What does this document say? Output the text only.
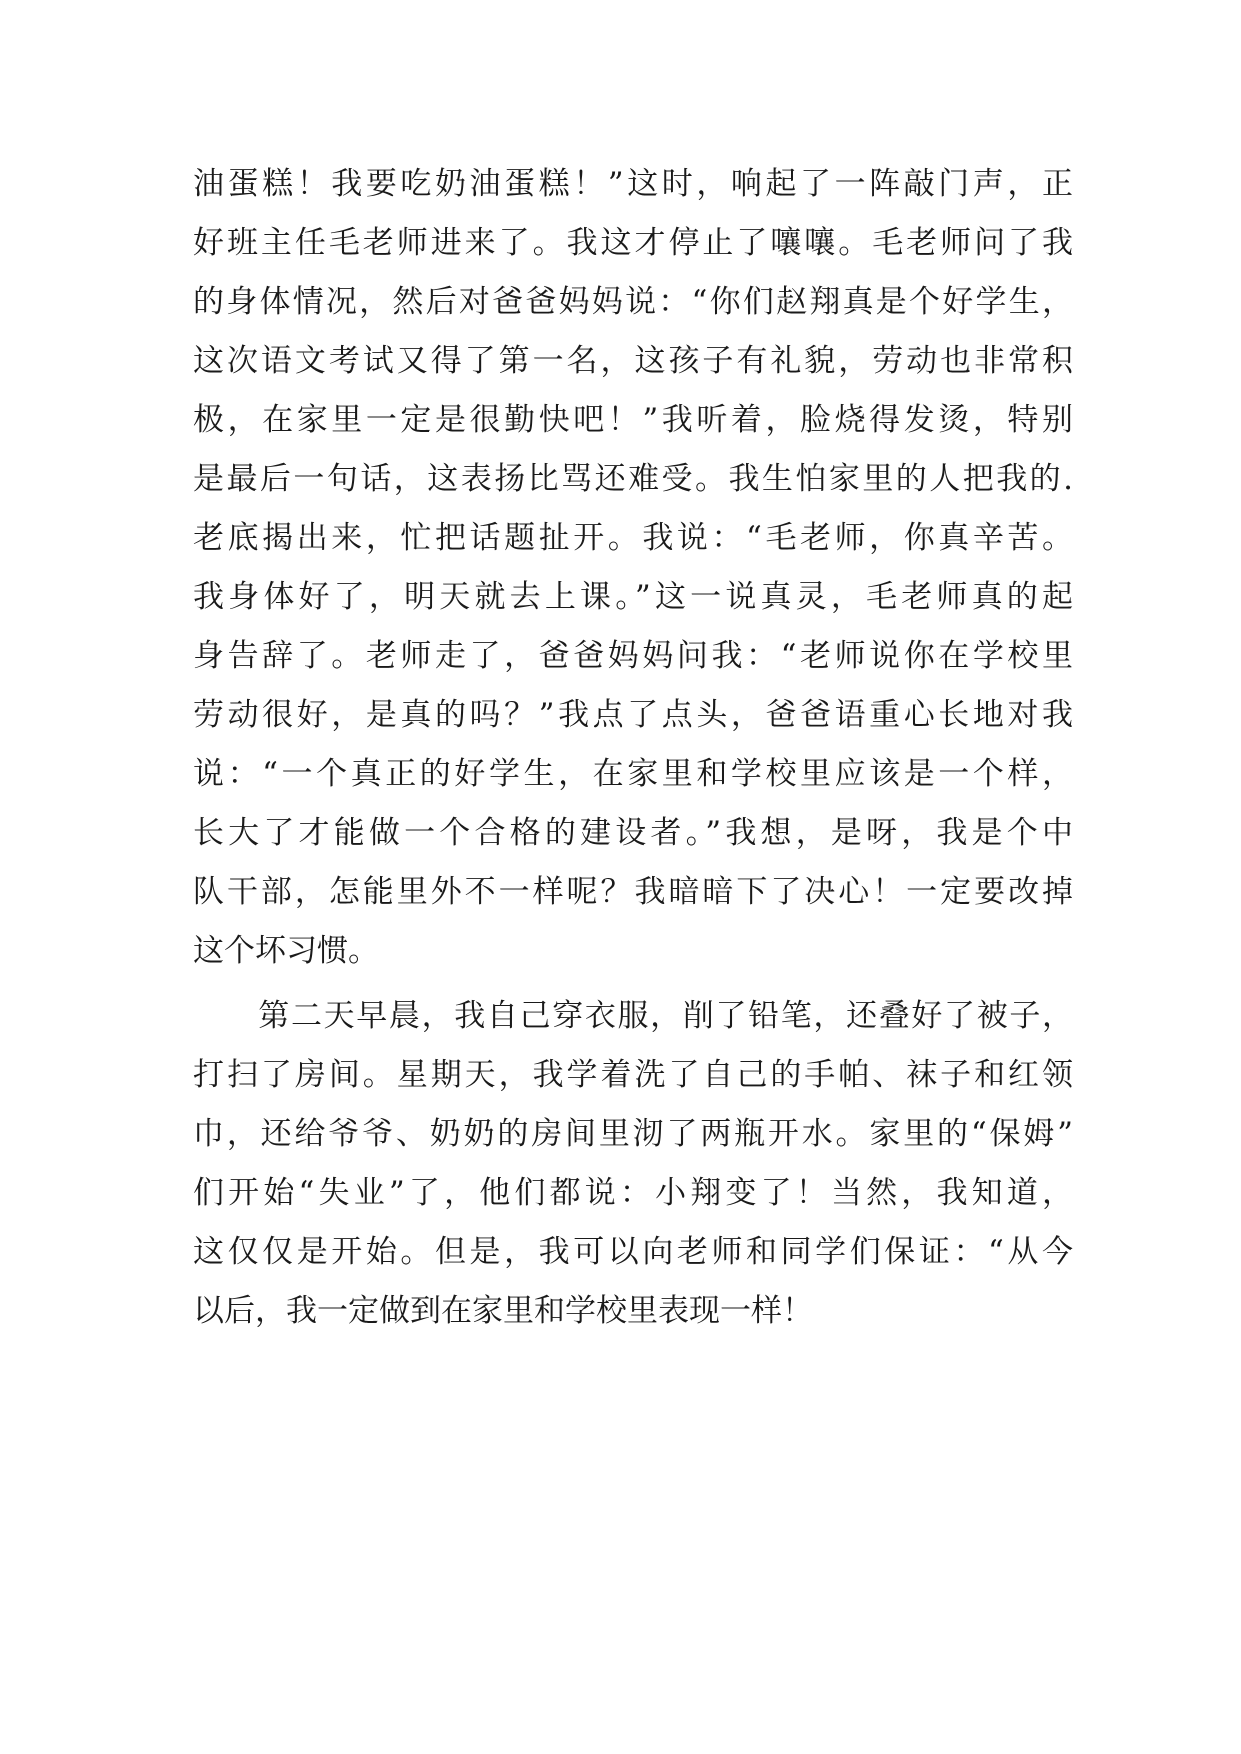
油蛋糕！我要吃奶油蛋糕！”这时，响起了一阵敲门声，正
好班主任毛老师进来了。我这才停止了嚷嚷。毛老师问了我
的身体情况，然后对爸爸妈妈说：“你们赵翔真是个好学生，
这次语文考试又得了第一名，这孩子有礼貌，劳动也非常积
极，在家里一定是很勤快吧！”我听着，脸烧得发烫，特别
是最后一句话，这表扬比骂还难受。我生怕家里的人把我的.
老底揭出来，忙把话题扯开。我说：“毛老师，你真辛苦。
我身体好了，明天就去上课。”这一说真灵，毛老师真的起
身告辞了。老师走了，爸爸妈妈问我：“老师说你在学校里
劳动很好，是真的吗？”我点了点头，爸爸语重心长地对我
说：“一个真正的好学生，在家里和学校里应该是一个样，
长大了才能做一个合格的建设者。”我想，是呀，我是个中
队干部，怎能里外不一样呢？我暗暗下了决心！一定要改掉
这个坏习惯。
　　第二天早晨，我自己穿衣服，削了铅笔，还叠好了被子，
打扫了房间。星期天，我学着洗了自己的手帕、袜子和红领
巾，还给爷爷、奶奶的房间里沏了两瓶开水。家里的“保姆”
们开始“失业”了，他们都说：小翔变了！当然，我知道，
这仅仅是开始。但是，我可以向老师和同学们保证：“从今
以后，我一定做到在家里和学校里表现一样！
